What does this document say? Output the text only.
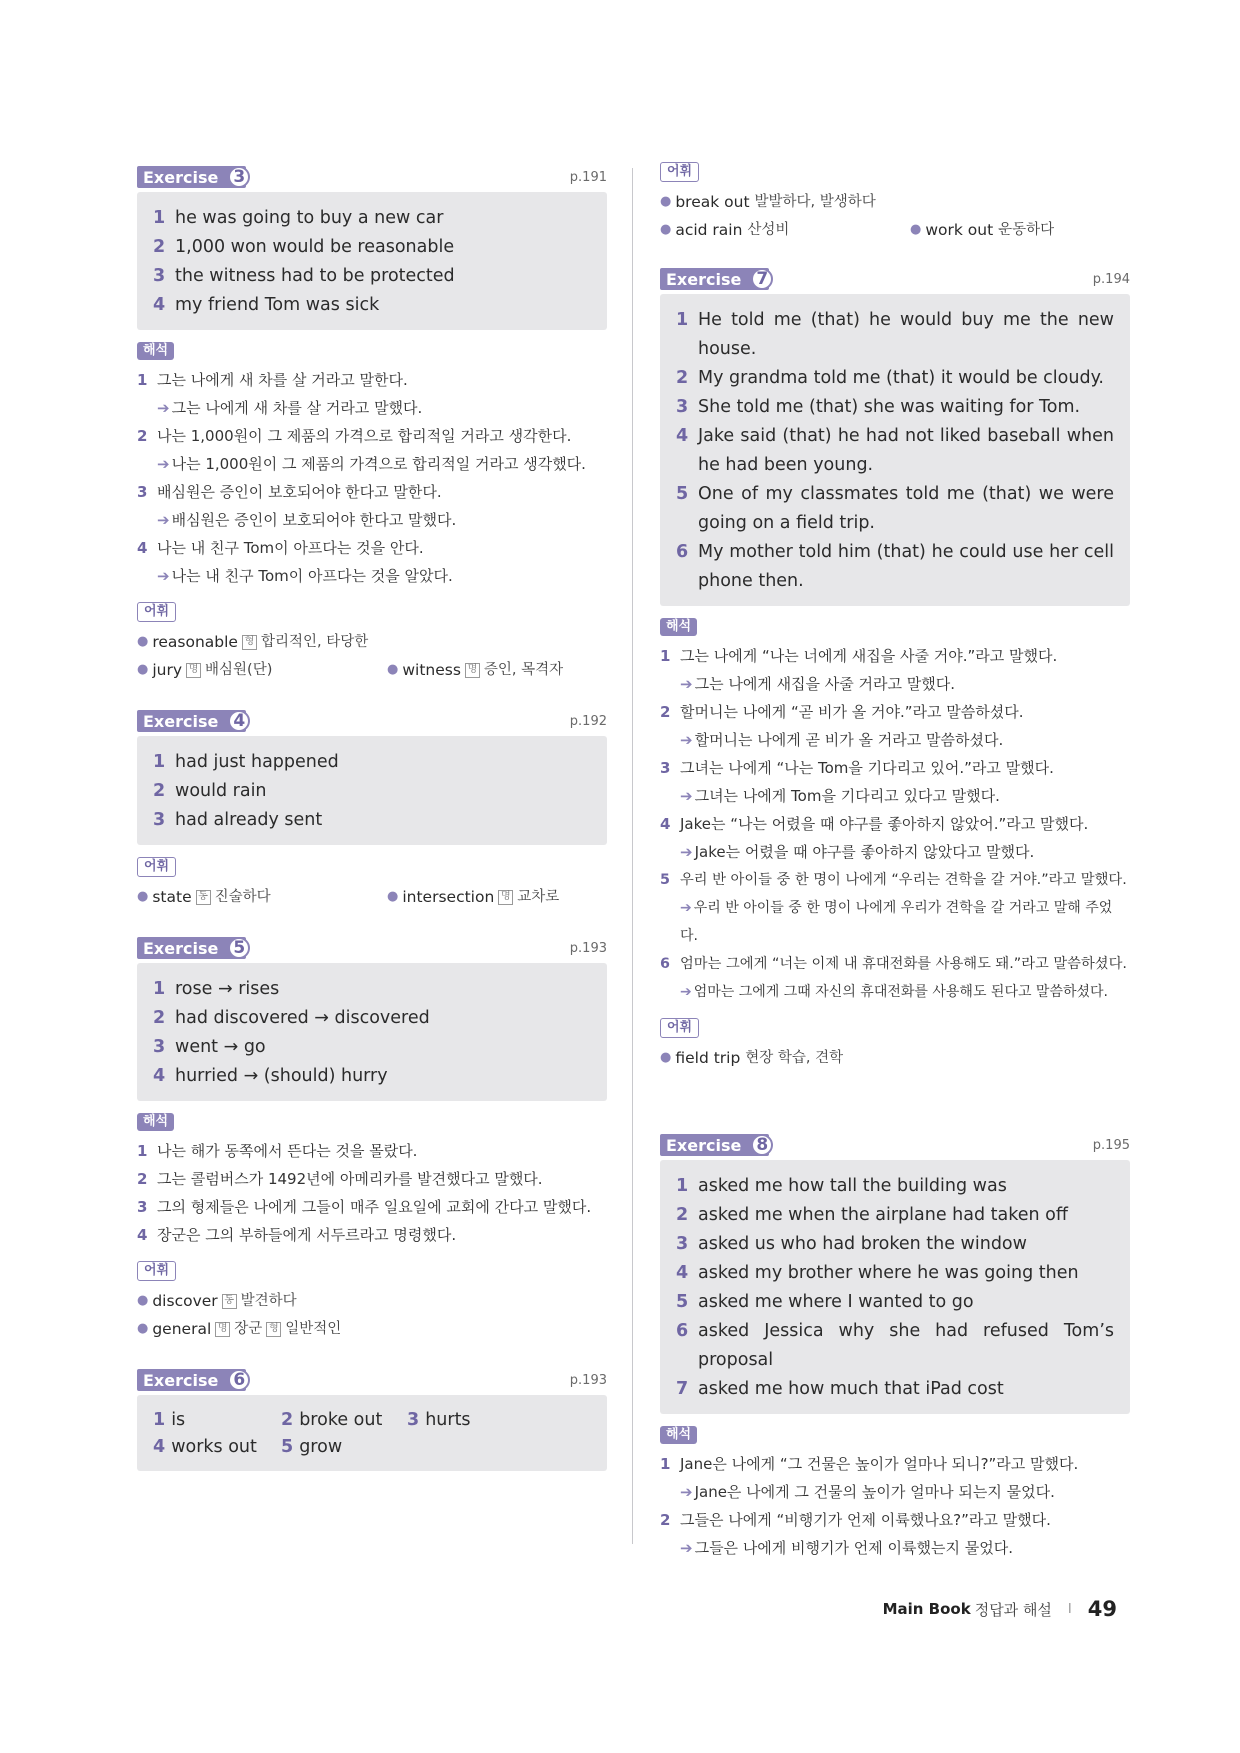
Exercise 3	p.191
1 he was going to buy a new car
2 1,000 won would be reasonable
3 the witness had to be protected
4 my friend Tom was sick
해석
1 그는 나에게 새 차를 살 거라고 말한다.
➔ 그는 나에게 새 차를 살 거라고 말했다.
2 나는 1,000원이 그 제품의 가격으로 합리적일 거라고 생각한다.
➔ 나는 1,000원이 그 제품의 가격으로 합리적일 거라고 생각했다.
3 배심원은 증인이 보호되어야 한다고 말한다.
➔ 배심원은 증인이 보호되어야 한다고 말했다.
4 나는 내 친구 Tom이 아프다는 것을 안다.
➔ 나는 내 친구 Tom이 아프다는 것을 알았다.
어휘
● reasonable 형 합리적인, 타당한
● jury 명 배심원(단)	● witness 명 증인, 목격자
Exercise 4	p.192
1 had just happened
2 would rain
3 had already sent
어휘
● state 동 진술하다	● intersection 명 교차로
Exercise 5	p.193
1 rose → rises
2 had discovered → discovered
3 went → go
4 hurried → (should) hurry
해석
1 나는 해가 동쪽에서 뜬다는 것을 몰랐다.
2 그는 콜럼버스가 1492년에 아메리카를 발견했다고 말했다.
3 그의 형제들은 나에게 그들이 매주 일요일에 교회에 간다고 말했다.
4 장군은 그의 부하들에게 서두르라고 명령했다.
어휘
● discover 동 발견하다
● general 명 장군 형 일반적인
Exercise 6	p.193
1 is	2 broke out	3 hurts
4 works out	5 grow
어휘
● break out
발발하다, 발생하다
● acid rain
산성비	● work out
운동하다
Exercise 7	p.194
1 He told me (that) he would buy me the new house.
2 My grandma told me (that) it would be cloudy.
3 She told me (that) she was waiting for Tom.
4 Jake said (that) he had not liked baseball when he had been young.
5 One of my classmates told me (that) we were going on a field trip.
6 My mother told him (that) he could use her cell phone then.
해석
1 그는 나에게 “나는 너에게 새집을 사줄 거야.”라고 말했다.
➔ 그는 나에게 새집을 사줄 거라고 말했다.
2 할머니는 나에게 “곧 비가 올 거야.”라고 말씀하셨다.
➔ 할머니는 나에게 곧 비가 올 거라고 말씀하셨다.
3 그녀는 나에게 “나는 Tom을 기다리고 있어.”라고 말했다.
➔ 그녀는 나에게 Tom을 기다리고 있다고 말했다.
4 Jake는 “나는 어렸을 때 야구를 좋아하지 않았어.”라고 말했다.
➔ Jake는 어렸을 때 야구를 좋아하지 않았다고 말했다.
5 우리 반 아이들 중 한 명이 나에게 “우리는 견학을 갈 거야.”라고 말했다.
➔ 우리 반 아이들 중 한 명이 나에게 우리가 견학을 갈 거라고 말해 주었다.
6 엄마는 그에게 “너는 이제 내 휴대전화를 사용해도 돼.”라고 말씀하셨다.
➔ 엄마는 그에게 그때 자신의 휴대전화를 사용해도 된다고 말씀하셨다.
어휘
● field trip
현장 학습, 견학
Exercise 8	p.195
1 asked me how tall the building was
2 asked me when the airplane had taken off
3 asked us who had broken the window
4 asked my brother where he was going then
5 asked me where I wanted to go
6 asked Jessica why she had refused Tom’s proposal
7 asked me how much that iPad cost
해석
1 Jane은 나에게 “그 건물은 높이가 얼마나 되니?”라고 말했다.
➔ Jane은 나에게 그 건물의 높이가 얼마나 되는지 물었다.
2 그들은 나에게 “비행기가 언제 이륙했나요?”라고 말했다.
➔ 그들은 나에게 비행기가 언제 이륙했는지 물었다.
Main Book 정답과 해설 I 49
